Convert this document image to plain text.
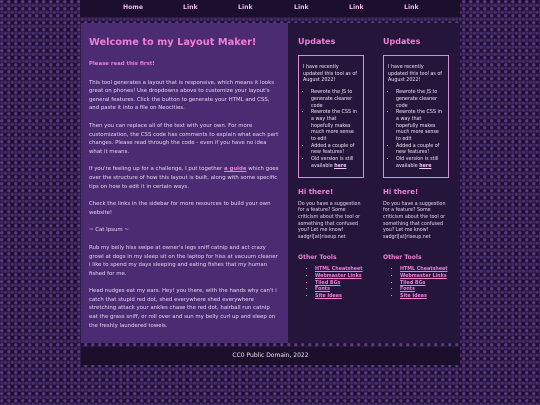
Home	Link	Link	Link	Link	Link
Welcome to my Layout Maker!

Please read this first!

This tool generates a layout that is responsive, which means it looks great on phones! Use dropdowns above to customize your layout's general features. Click the button to generate your HTML and CSS, and paste it into a file on Neocities.

Then you can replace all of the text with your own. For more customization, the CSS code has comments to explain what each part changes. Please read through the code - even if you have no idea what it means.

If you're feeling up for a challenge, I put together a guide which goes over the structure of how this layout is built, along with some specific tips on how to edit it in certain ways.

Check the links in the sidebar for more resources to build your own website!

~ Cat Ipsum ~

Rub my belly hiss swipe at owner's legs sniff catnip and act crazy growl at dogs in my sleep sit on the laptop for hiss at vacuum cleaner i like to spend my days sleeping and eating fishes that my human fished for me.

Head nudges eat my ears. Hey! you there, with the hands why can't i catch that stupid red dot, shed everywhere shed everywhere stretching attack your ankles chase the red dot, hairball run catnip eat the grass sniff, or roll over and sun my belly curl up and sleep on the freshly laundered towels.

Updates

I have recently updated this tool as of August 2022!

• Rewrote the JS to generate cleaner code
• Rewrote the CSS in a way that hopefully makes much more sense to edit
• Added a couple of new features!
• Old version is still available here
Hi there!

Do you have a suggestion for a feature? Some criticism about the tool or something that confused you? Let me know! sadgrl[at]riseup.net

Other Tools
• HTML Cheatsheet
• Webmaster Links
• Tiled BGs
• Fonts
• Site Ideas
Updates

I have recently updated this tool as of August 2022!

• Rewrote the JS to generate cleaner code
• Rewrote the CSS in a way that hopefully makes much more sense to edit
• Added a couple of new features!
• Old version is still available here
Hi there!

Do you have a suggestion for a feature? Some criticism about the tool or something that confused you? Let me know! sadgrl[at]riseup.net

Other Tools
• HTML Cheatsheet
• Webmaster Links
• Tiled BGs
• Fonts
• Site Ideas
CC0 Public Domain, 2022
